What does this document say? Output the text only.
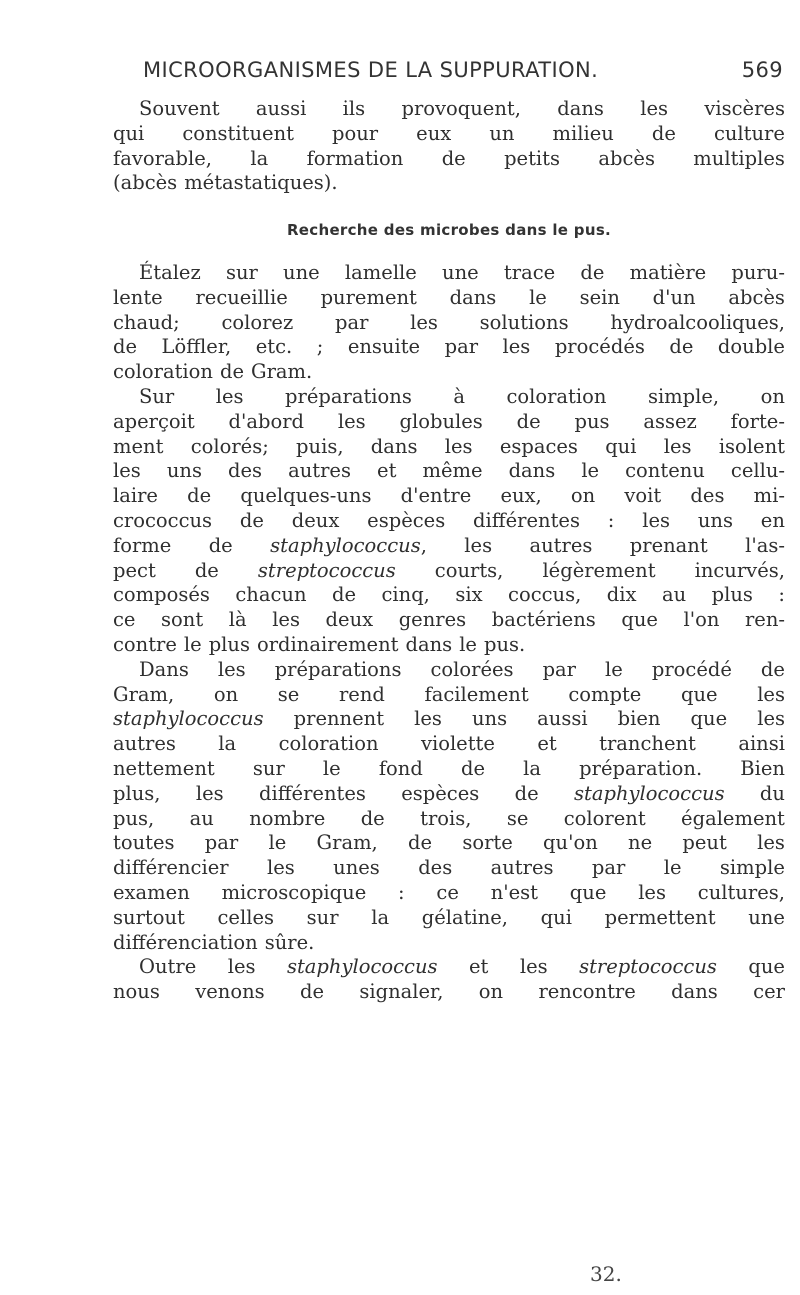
MICROORGANISMES DE LA SUPPURATION.	569
Souvent aussi ils provoquent, dans les viscères
qui constituent pour eux un milieu de culture
favorable, la formation de petits abcès multiples
(abcès métastatiques).
Recherche des microbes dans le pus.
Étalez sur une lamelle une trace de matière puru-
lente recueillie purement dans le sein d'un abcès
chaud; colorez par les solutions hydroalcooliques,
de Löffler, etc. ; ensuite par les procédés de double
coloration de Gram.
Sur les préparations à coloration simple, on
aperçoit d'abord les globules de pus assez forte-
ment colorés; puis, dans les espaces qui les isolent
les uns des autres et même dans le contenu cellu-
laire de quelques-uns d'entre eux, on voit des mi-
crococcus de deux espèces différentes : les uns en
forme de staphylococcus, les autres prenant l'as-
pect de streptococcus courts, légèrement incurvés,
composés chacun de cinq, six coccus, dix au plus :
ce sont là les deux genres bactériens que l'on ren-
contre le plus ordinairement dans le pus.
Dans les préparations colorées par le procédé de
Gram, on se rend facilement compte que les
staphylococcus prennent les uns aussi bien que les
autres la coloration violette et tranchent ainsi
nettement sur le fond de la préparation. Bien
plus, les différentes espèces de staphylococcus du
pus, au nombre de trois, se colorent également
toutes par le Gram, de sorte qu'on ne peut les
différencier les unes des autres par le simple
examen microscopique : ce n'est que les cultures,
surtout celles sur la gélatine, qui permettent une
différenciation sûre.
Outre les staphylococcus et les streptococcus que
nous venons de signaler, on rencontre dans cer
32.
